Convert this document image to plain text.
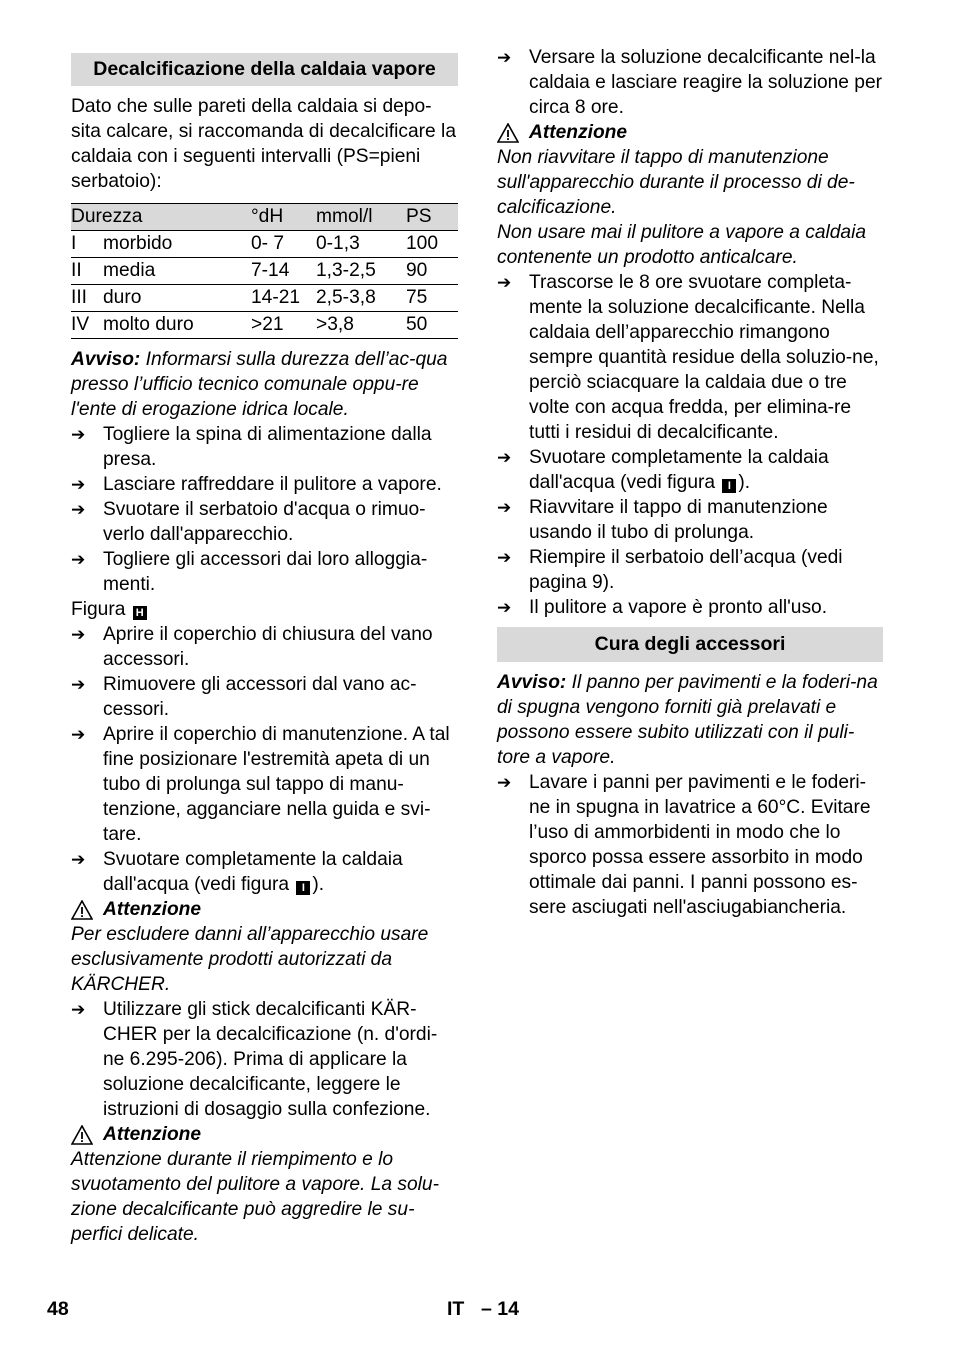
Decalcificazione della caldaia vapore

Dato che sulle pareti della caldaia si depo-sita calcare, si raccomanda di decalcificare la caldaia con i seguenti intervalli (PS=pieni serbatoio):

Durezza		°dH	mmol/l	PS
I	morbido	0- 7	0-1,3	100
II	media	7-14	1,3-2,5	90
III	duro	14-21	2,5-3,8	75
IV	molto duro	>21	>3,8	50

Avviso: Informarsi sulla durezza dell’ac-qua presso l’ufficio tecnico comunale oppu-re l'ente di erogazione idrica locale.

➔ Togliere la spina di alimentazione dalla presa.
➔ Lasciare raffreddare il pulitore a vapore.
➔ Svuotare il serbatoio d'acqua o rimuo-verlo dall'apparecchio.
➔ Togliere gli accessori dai loro alloggia-menti.

Figura H

➔ Aprire il coperchio di chiusura del vano accessori.
➔ Rimuovere gli accessori dal vano ac-cessori.
➔ Aprire il coperchio di manutenzione. A tal fine posizionare l'estremità apeta di un tubo di prolunga sul tappo di manu-tenzione, agganciare nella guida e svi-tare.
➔ Svuotare completamente la caldaia dall'acqua (vedi figura I ).
Attenzione

Per escludere danni all’apparecchio usare esclusivamente prodotti autorizzati da KÄRCHER.

➔ Utilizzare gli stick decalcificanti KÄR-CHER per la decalcificazione (n. d'ordi-ne 6.295-206). Prima di applicare la soluzione decalcificante, leggere le istruzioni di dosaggio sulla confezione.
Attenzione

Attenzione durante il riempimento e lo svuotamento del pulitore a vapore. La solu-zione decalcificante può aggredire le su-perfici delicate.

➔ Versare la soluzione decalcificante nel-la caldaia e lasciare reagire la soluzione per circa 8 ore.
Attenzione

Non riavvitare il tappo di manutenzione sull'apparecchio durante il processo di de-calcificazione.

Non usare mai il pulitore a vapore a caldaia contenente un prodotto anticalcare.

➔ Trascorse le 8 ore svuotare completa-mente la soluzione decalcificante. Nella caldaia dell’apparecchio rimangono sempre quantità residue della soluzio-ne, perciò sciacquare la caldaia due o tre volte con acqua fredda, per elimina-re tutti i residui di decalcificante.
➔ Svuotare completamente la caldaia dall'acqua (vedi figura I ).
➔ Riavvitare il tappo di manutenzione usando il tubo di prolunga.
➔ Riempire il serbatoio dell’acqua (vedi pagina 9).
➔ Il pulitore a vapore è pronto all'uso.
Cura degli accessori

Avviso: Il panno per pavimenti e la foderi-na di spugna vengono forniti già prelavati e possono essere subito utilizzati con il puli-tore a vapore.

➔ Lavare i panni per pavimenti e le foderi-ne in spugna in lavatrice a 60°C. Evitare l’uso di ammorbidenti in modo che lo sporco possa essere assorbito in modo ottimale dai panni. I panni possono es-sere asciugati nell'asciugabiancheria.
48	IT – 14
